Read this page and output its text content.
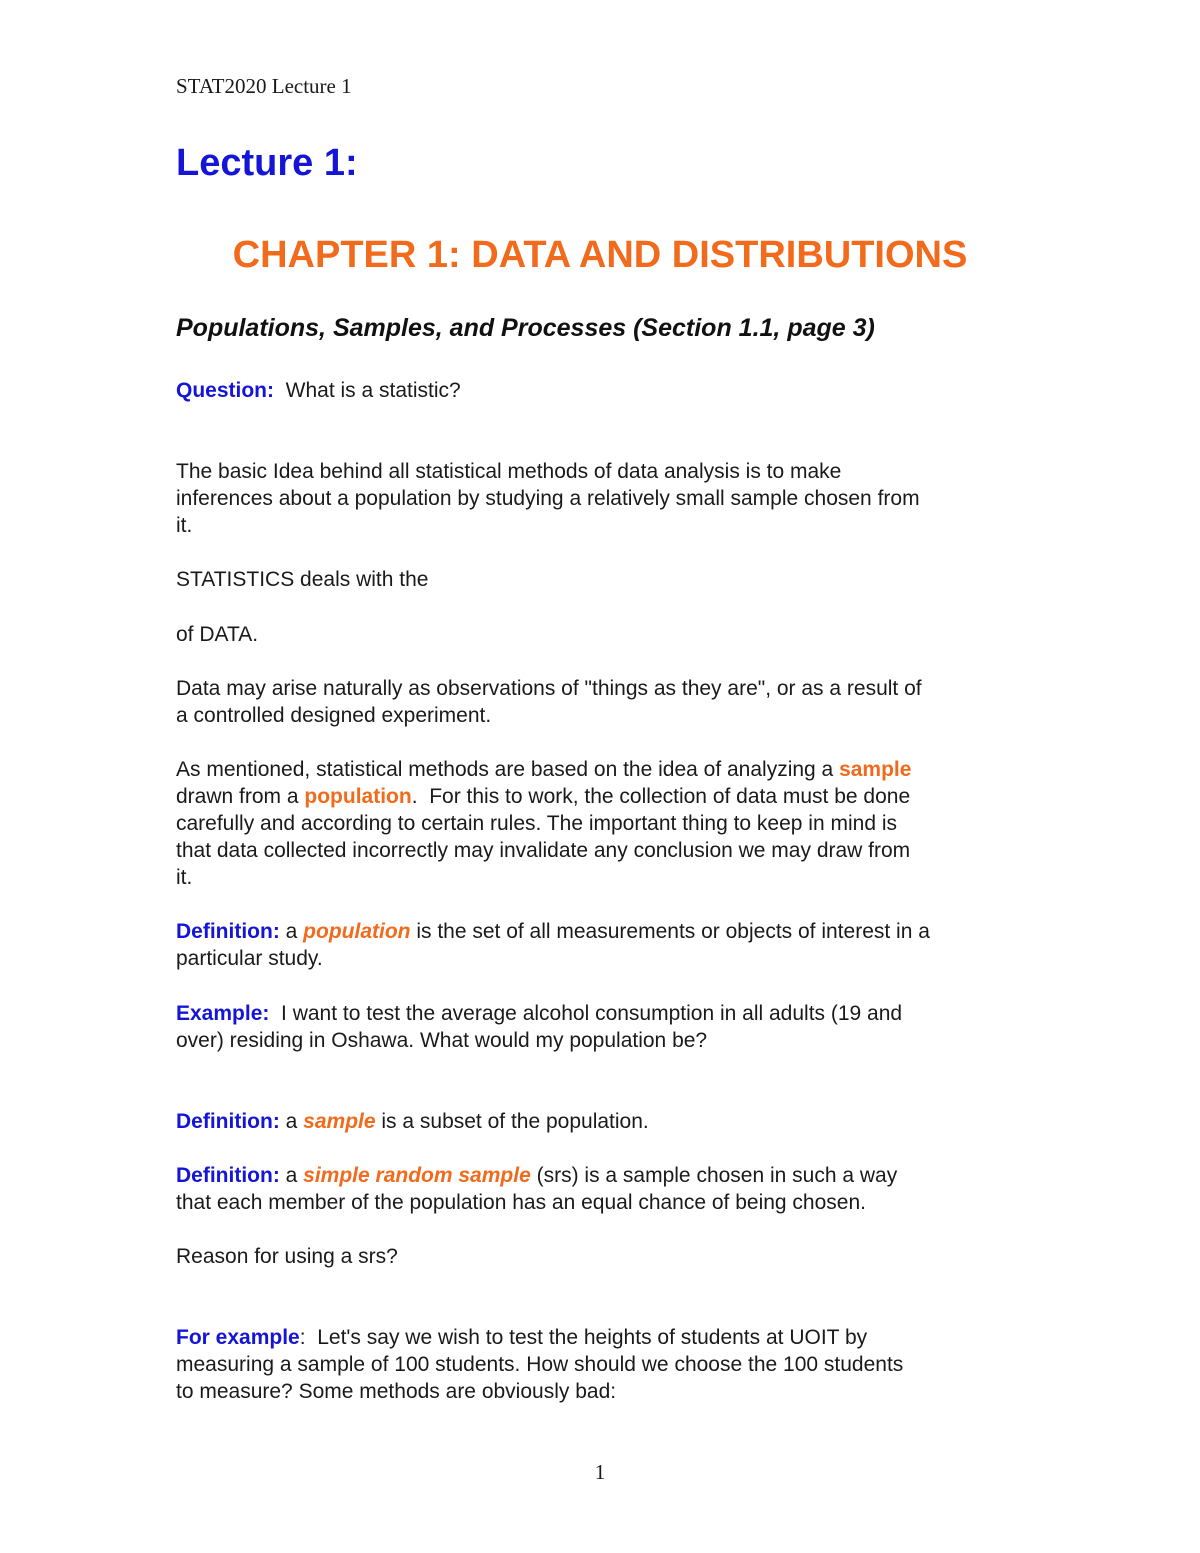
STAT2020 Lecture 1
Lecture 1:
CHAPTER 1: DATA AND DISTRIBUTIONS
Populations, Samples, and Processes (Section 1.1, page 3)

Question:  What is a statistic?

The basic Idea behind all statistical methods of data analysis is to make
inferences about a population by studying a relatively small sample chosen from
it.

STATISTICS deals with the

of DATA.

Data may arise naturally as observations of "things as they are", or as a result of
a controlled designed experiment.

As mentioned, statistical methods are based on the idea of analyzing a sample
drawn from a population.  For this to work, the collection of data must be done
carefully and according to certain rules. The important thing to keep in mind is
that data collected incorrectly may invalidate any conclusion we may draw from
it.

Definition: a population is the set of all measurements or objects of interest in a
particular study.

Example:  I want to test the average alcohol consumption in all adults (19 and
over) residing in Oshawa. What would my population be?

Definition: a sample is a subset of the population.

Definition: a simple random sample (srs) is a sample chosen in such a way
that each member of the population has an equal chance of being chosen.

Reason for using a srs?

For example:  Let's say we wish to test the heights of students at UOIT by
measuring a sample of 100 students. How should we choose the 100 students
to measure? Some methods are obviously bad:

1
